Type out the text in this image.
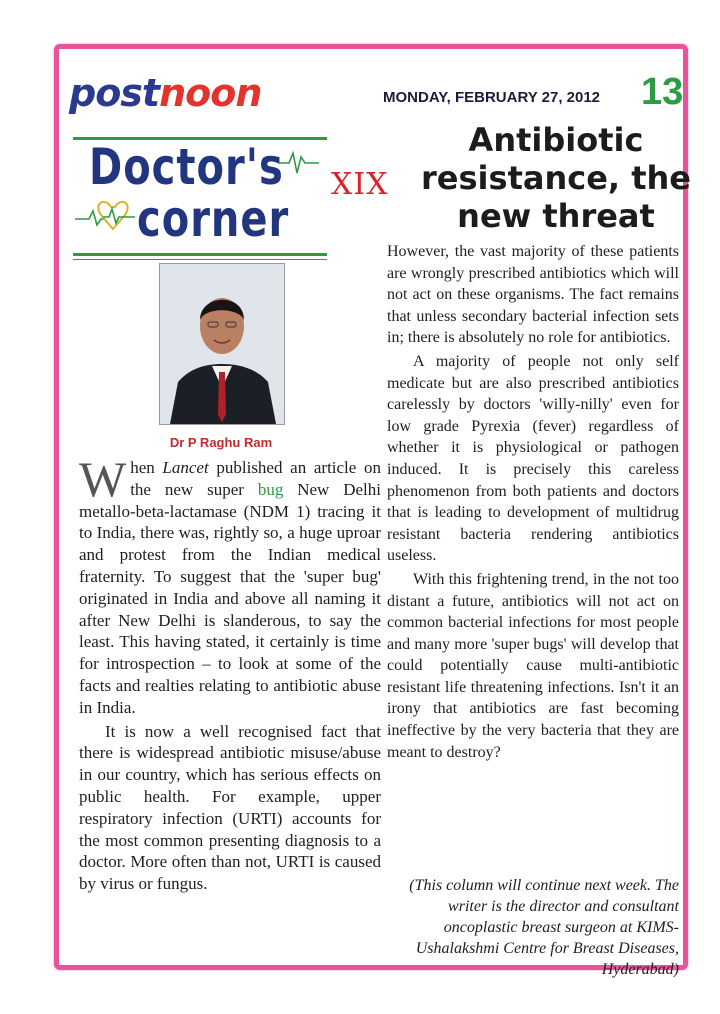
postnoon	MONDAY, FEBRUARY 27, 2012 13
Doctor's
corner
XIX
Antibiotic resistance, the new threat
Dr P Raghu Ram

When Lancet published an article on the new super bug New Delhi metallo-beta-lactamase (NDM 1) tracing it to India, there was, rightly so, a huge uproar and protest from the Indian medical fraternity. To suggest that the 'super bug' originated in India and above all naming it after New Delhi is slanderous, to say the least. This having stated, it certainly is time for introspection – to look at some of the facts and realties relating to antibiotic abuse in India.

It is now a well recognised fact that there is widespread antibiotic misuse/abuse in our country, which has serious effects on public health. For example, upper respiratory infection (URTI) accounts for the most common presenting diagnosis to a doctor. More often than not, URTI is caused by virus or fungus.

However, the vast majority of these patients are wrongly prescribed antibiotics which will not act on these organisms. The fact remains that unless secondary bacterial infection sets in; there is absolutely no role for antibiotics.

A majority of people not only self medicate but are also prescribed antibiotics carelessly by doctors 'willy-nilly' even for low grade Pyrexia (fever) regardless of whether it is physiological or pathogen induced. It is precisely this careless phenomenon from both patients and doctors that is leading to development of multidrug resistant bacteria rendering antibiotics useless.

With this frightening trend, in the not too distant a future, antibiotics will not act on common bacterial infections for most people and many more 'super bugs' will develop that could potentially cause multi-antibiotic resistant life threatening infections. Isn't it an irony that antibiotics are fast becoming ineffective by the very bacteria that they are meant to destroy?

(This column will continue next week. The writer is the director and consultant oncoplastic breast surgeon at KIMS-Ushalakshmi Centre for Breast Diseases, Hyderabad)
